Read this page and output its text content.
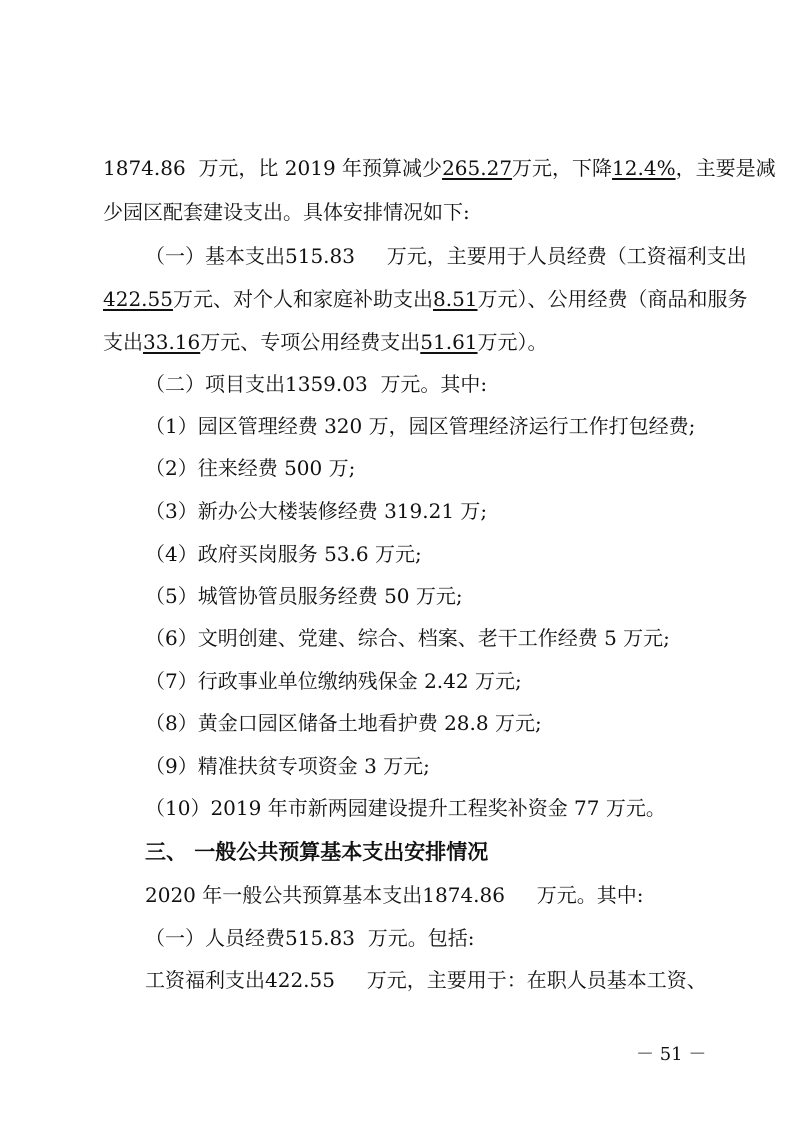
1874.86 万元，比 2019 年预算减少265.27万元，下降12.4%，主要是减
少园区配套建设支出。具体安排情况如下:
（一）基本支出515.83 万元，主要用于人员经费（工资福利支出
422.55万元、对个人和家庭补助支出8.51万元）、公用经费（商品和服务
支出33.16万元、专项公用经费支出51.61万元）。
（二）项目支出1359.03  万元。其中:
（1）园区管理经费 320 万，园区管理经济运行工作打包经费;
（2）往来经费 500 万;
（3）新办公大楼装修经费 319.21 万;
（4）政府买岗服务 53.6 万元;
（5）城管协管员服务经费 50 万元;
（6）文明创建、党建、综合、档案、老干工作经费 5 万元;
（7）行政事业单位缴纳残保金 2.42 万元;
（8）黄金口园区储备土地看护费 28.8 万元;
（9）精准扶贫专项资金 3 万元;
（10）2019 年市新两园建设提升工程奖补资金 77 万元。
三、 一般公共预算基本支出安排情况
2020 年一般公共预算基本支出1874.86 万元。其中:
（一）人员经费515.83  万元。包括:
工资福利支出422.55 万元，主要用于：在职人员基本工资、
－ 51 －
